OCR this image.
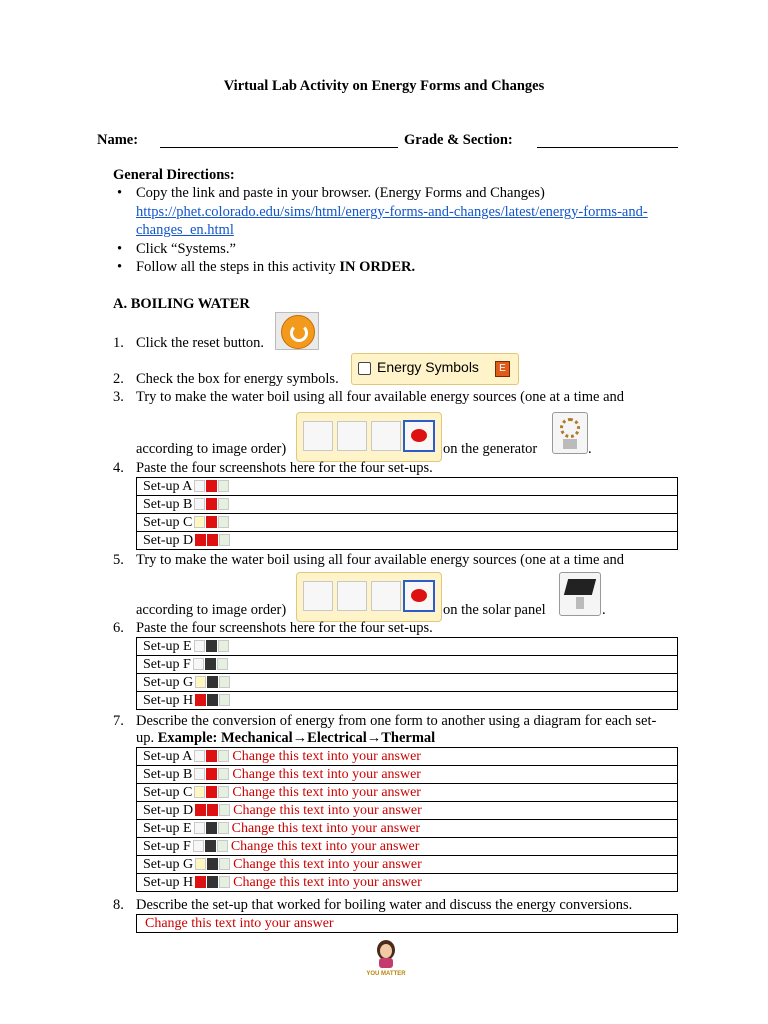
Virtual Lab Activity on Energy Forms and Changes
Name:	Grade & Section:
General Directions:
• Copy the link and paste in your browser. (Energy Forms and Changes)
https://phet.colorado.edu/sims/html/energy-forms-and-changes/latest/energy-forms-and-
changes_en.html
• Click “Systems.”
• Follow all the steps in this activity IN ORDER.
A. BOILING WATER
1. Click the reset button.
2. Check the box for energy symbols.
Energy Symbols	E
3. Try to make the water boil using all four available energy sources (one at a time and
according to image order)	on the generator	.
4. Paste the four screenshots here for the four set-ups.
Set-up A
Set-up B
Set-up C
Set-up D
5. Try to make the water boil using all four available energy sources (one at a time and
according to image order)	on the solar panel	.
6. Paste the four screenshots here for the four set-ups.
Set-up E
Set-up F
Set-up G
Set-up H
7. Describe the conversion of energy from one form to another using a diagram for each set-
up. Example: Mechanical→Electrical→Thermal
Set-up A	Change this text into your answer
Set-up B	Change this text into your answer
Set-up C	Change this text into your answer
Set-up D	Change this text into your answer
Set-up E	Change this text into your answer
Set-up F	Change this text into your answer
Set-up G	Change this text into your answer
Set-up H	Change this text into your answer
8. Describe the set-up that worked for boiling water and discuss the energy conversions.
Change this text into your answer
YOU MATTER
